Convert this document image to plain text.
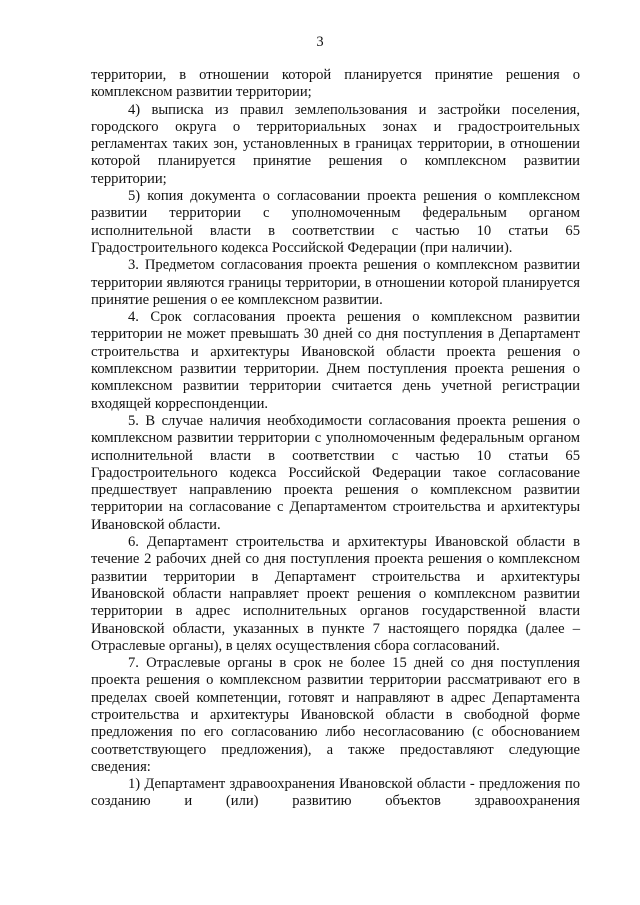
3

территории, в отношении которой планируется принятие решения о комплексном развитии территории;

4) выписка из правил землепользования и застройки поселения, городского округа о территориальных зонах и градостроительных регламентах таких зон, установленных в границах территории, в отношении которой планируется принятие решения о комплексном развитии территории;

5) копия документа о согласовании проекта решения о комплексном развитии территории с уполномоченным федеральным органом исполнительной власти в соответствии с частью 10 статьи 65 Градостроительного кодекса Российской Федерации (при наличии).

3. Предметом согласования проекта решения о комплексном развитии территории являются границы территории, в отношении которой планируется принятие решения о ее комплексном развитии.

4. Срок согласования проекта решения о комплексном развитии территории не может превышать 30 дней со дня поступления в Департамент строительства и архитектуры Ивановской области проекта решения о комплексном развитии территории. Днем поступления проекта решения о комплексном развитии территории считается день учетной регистрации входящей корреспонденции.

5. В случае наличия необходимости согласования проекта решения о комплексном развитии территории с уполномоченным федеральным органом исполнительной власти в соответствии с частью 10 статьи 65 Градостроительного кодекса Российской Федерации такое согласование предшествует направлению проекта решения о комплексном развитии территории на согласование с Департаментом строительства и архитектуры Ивановской области.

6. Департамент строительства и архитектуры Ивановской области в течение 2 рабочих дней со дня поступления проекта решения о комплексном развитии территории в Департамент строительства и архитектуры Ивановской области направляет проект решения о комплексном развитии территории в адрес исполнительных органов государственной власти Ивановской области, указанных в пункте 7 настоящего порядка (далее – Отраслевые органы), в целях осуществления сбора согласований.

7. Отраслевые органы в срок не более 15 дней со дня поступления проекта решения о комплексном развитии территории рассматривают его в пределах своей компетенции, готовят и направляют в адрес Департамента строительства и архитектуры Ивановской области в свободной форме предложения по его согласованию либо несогласованию (с обоснованием соответствующего предложения), а также предоставляют следующие сведения:

1) Департамент здравоохранения Ивановской области - предложения по созданию и (или) развитию объектов здравоохранения
